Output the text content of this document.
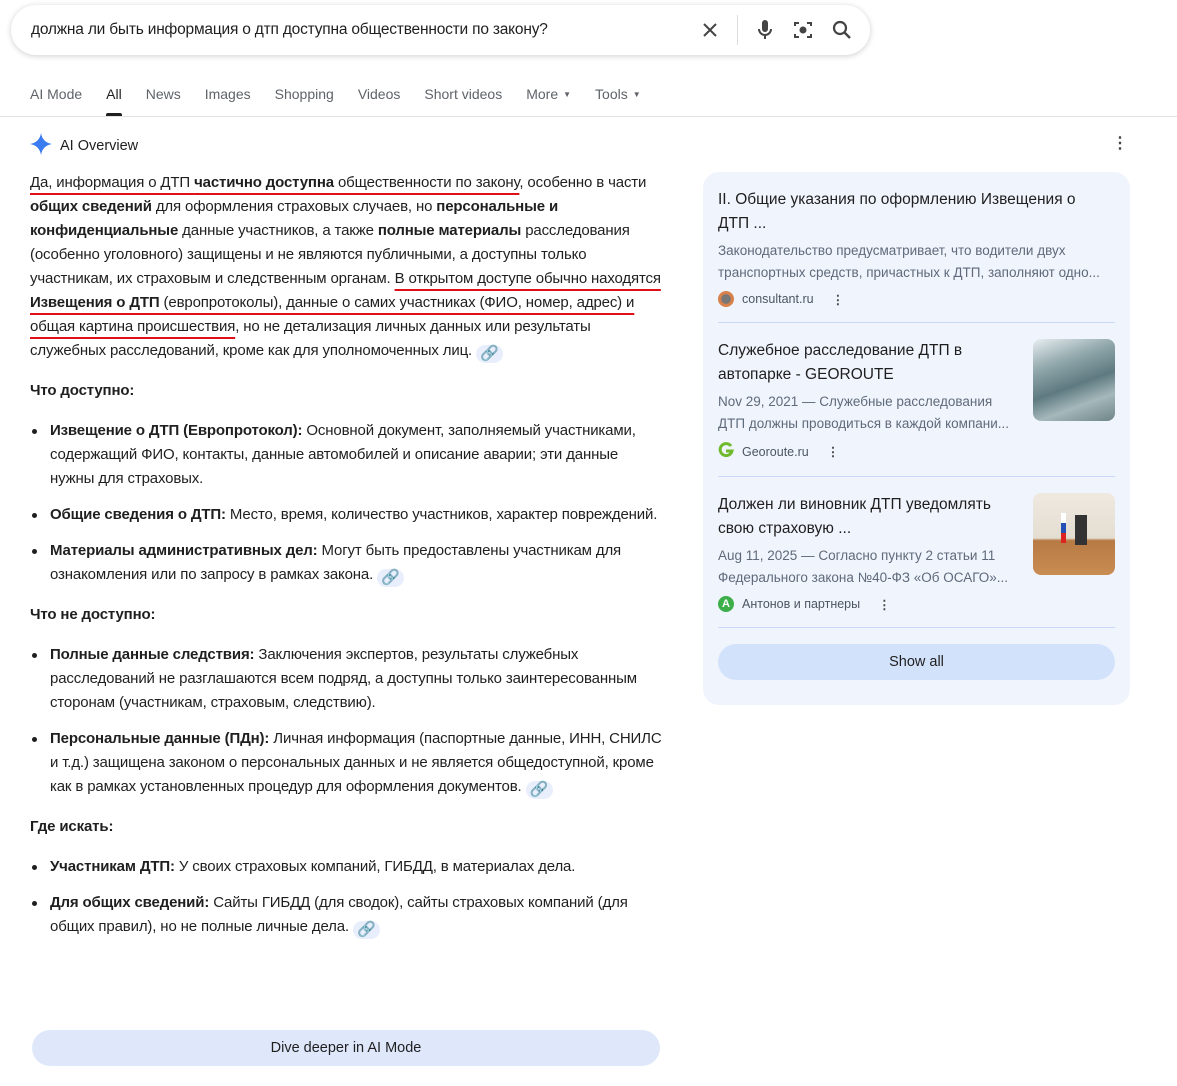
должна ли быть информация о дтп доступна общественности по закону?
AI Mode All News Images Shopping Videos Short videos More ▼ Tools ▼
AI Overview	⋮

Да, информация о ДТП частично доступна общественности по закону, особенно в части общих сведений для оформления страховых случаев, но персональные и конфиденциальные данные участников, а также полные материалы расследования (особенно уголовного) защищены и не являются публичными, а доступны только участникам, их страховым и следственным органам. В открытом доступе обычно находятся Извещения о ДТП (европротоколы), данные о самих участниках (ФИО, номер, адрес) и общая картина происшествия, но не детализация личных данных или результаты служебных расследований, кроме как для уполномоченных лиц. 🔗

Что доступно:

Извещение о ДТП (Европротокол): Основной документ, заполняемый участниками, содержащий ФИО, контакты, данные автомобилей и описание аварии; эти данные нужны для страховых.
Общие сведения о ДТП: Место, время, количество участников, характер повреждений.
Материалы административных дел: Могут быть предоставлены участникам для ознакомления или по запросу в рамках закона. 🔗

Что не доступно:

Полные данные следствия: Заключения экспертов, результаты служебных расследований не разглашаются всем подряд, а доступны только заинтересованным сторонам (участникам, страховым, следствию).
Персональные данные (ПДн): Личная информация (паспортные данные, ИНН, СНИЛС и т.д.) защищена законом о персональных данных и не является общедоступной, кроме как в рамках установленных процедур для оформления документов. 🔗

Где искать:

Участникам ДТП: У своих страховых компаний, ГИБДД, в материалах дела.
Для общих сведений: Сайты ГИБДД (для сводок), сайты страховых компаний (для общих правил), но не полные личные дела. 🔗
Dive deeper in AI Mode
II. Общие указания по оформлению Извещения о ДТП ...
Законодательство предусматривает, что водители двух
транспортных средств, причастных к ДТП, заполняют одно...
consultant.ru ⋮
Служебное расследование ДТП в автопарке - GEOROUTE
Nov 29, 2021 — Служебные расследования
ДТП должны проводиться в каждой компани...
Georoute.ru ⋮
Должен ли виновник ДТП уведомлять свою страховую ...
Aug 11, 2025 — Согласно пункту 2 статьи 11
Федерального закона №40-ФЗ «Об ОСАГО»...
A Антонов и партнеры ⋮
Show all
